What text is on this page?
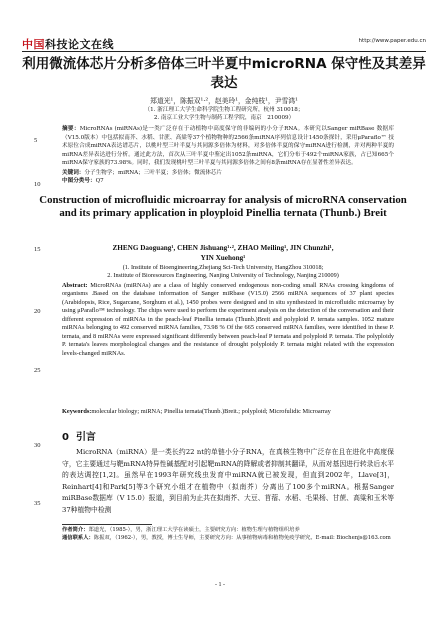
中国科技论文在线	http://www.paper.edu.cn
利用微流体芯片分析多倍体三叶半夏中microRNA 保守性及其差异表达
郑道光¹，陈振双¹·²，赵美玲¹，金纯枝¹，尹雪鸿¹
（1. 浙江理工大学生命科学院生物工程研究所，杭州 310018；
2. 南京工业大学生物与制药工程学院，南京　210009）
摘要：MicroRNAs (miRNAs)是一类广泛存在于动植物中高度保守的非编码的小分子RNA。本研究以Sanger miRBase 数据库（V15.0版本）中包括拟南芥、水稻、甘蔗、高粱等37个植物物种的2566条miRNA序列信息设计1450条探针，采用μParaflo™ 技术原位合成miRNA表达谱芯片，以桃叶型三叶半夏与其同源多倍体为材料，对多倍体半夏的保守miRNA进行检测，并对两种半夏的miRNA差异表达进行分析。通过此方法，首次从三叶半夏中鉴定出1052条miRNA，它们分布于492个miRNA家族，占已知665个miRNA保守家族的73.98%。同时，我们发现桃叶型三叶半夏与其同源多倍体之间有8条miRNA存在显著性差异表达。
关键词：分子生物学；miRNA；三叶半夏；多倍体；微流体芯片
中图分类号：Q7
Construction of microfluidic microarray for analysis of microRNA conservation and its primary application in ployploid Pinellia ternata (Thunb.) Breit
ZHENG Daoguang¹, CHEN Jishuang¹·², ZHAO Meiling¹, JIN Chunzhi¹,
YIN Xuehong¹
(1. Institute of Bioengineering,Zhejiang Sci-Tech University, HangZhou 310018;
2. Institute of Bioresources Engineering, Nanjing University of Technology, Nanjing 210009)
Abstract: MicroRNAs (miRNAs) are a class of highly conserved endogenous non-coding small RNAs crossing kingdoms of organisms .Based on the database information of Sanger miRbase (V15.0) 2566 miRNA sequences of 37 plant species (Arabidopsis, Rice, Sugarcane, Sorghum et al.), 1450 probes were designed and in situ synthesized in microfluidic microarray by using μParaflo™ technology. The chips were used to perform the experiment analysis on the detection of the conversation and their different expression of miRNAs in the peach-leaf Pinellia ternata (Thunb.)Breit and polyploid P. ternata samples. 1052 mature miRNAs belonging to 492 conserved miRNA families, 73.98 % Of the 665 conserved miRNA families, were identified in these P. ternata, and 8 miRNAs were expressed significant differently between peach-leaf P ternata and polyploid P. ternata. The polyploidy P. ternata's leaves morphological changes and the resistance of drought polyploidy P. ternata might related with the expression levels-changed miRNAs.
Keywords:molecular biology; miRNA; Pinellia ternata(Thunb.)Breit.; polyploid; Microfulidic Microarray
5
10
15
20
25
30
35
0 引言
MicroRNA（miRNA）是一类长约22 nt的单链小分子RNA，在真核生物中广泛存在且在进化中高度保守，它主要通过与靶mRNA特异性碱基配对引起靶mRNA的降解或者抑制其翻译，从而对基因进行转录后水平的表达调控[1,2]。虽然早在1993年研究线虫发育中miRNA就已被发现，但直到2002年，Llave[3]，Reinhart[4]和Park[5]等3个研究小组才在植物中（拟南芥）分离出了100多个miRNA。根据Sanger miRBase数据库（V 15.0）报道，到目前为止共在拟南芥、大豆、苜蓿、水稻、毛果杨、甘蔗、高粱和玉米等37种植物中检测
作者简介：郑道光，（1985-），男，浙江理工大学在读硕士，主要研究方向：植物生理与植物组织培养
通信联系人：陈振双，（1962-），男，教授，博士生导师，主要研究方向：从事植物病毒和植物免疫学研究。E-mail: Biochenjs@163.com
- 1 -
